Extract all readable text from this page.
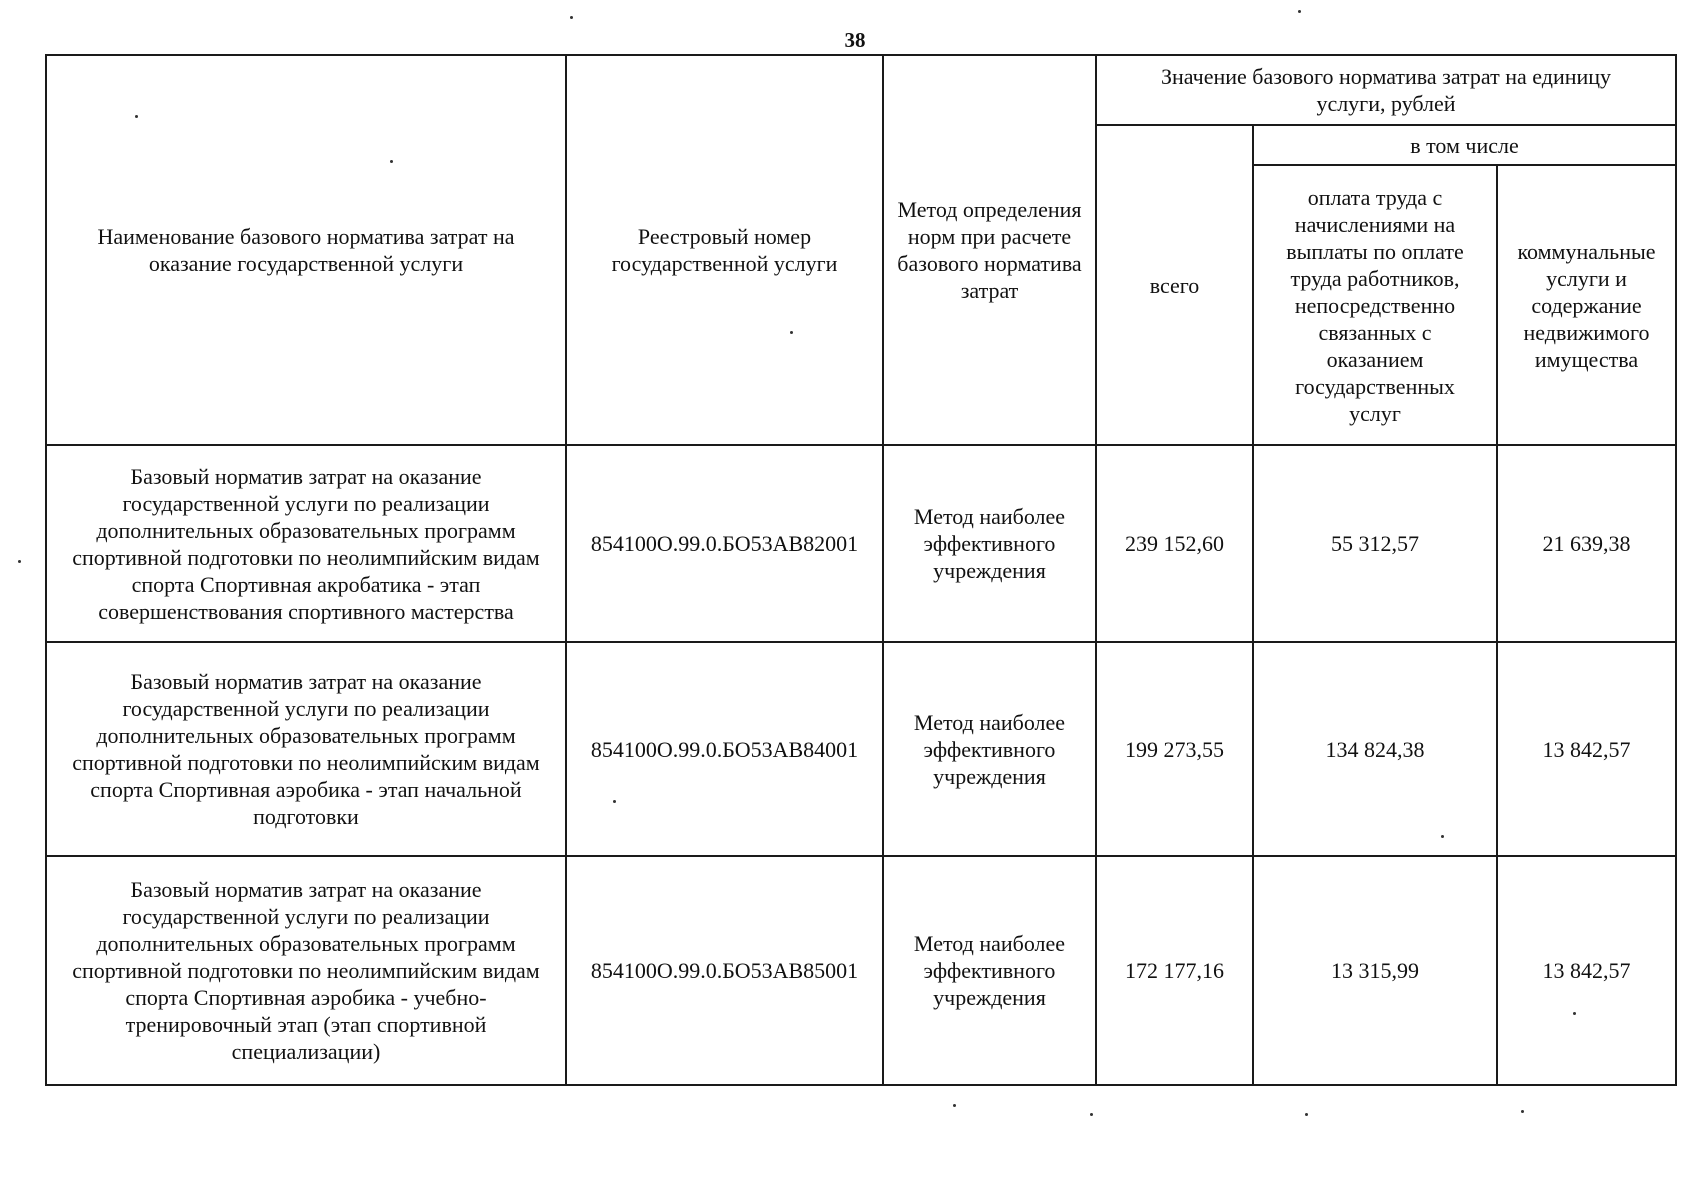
38
Наименование базового норматива затрат на оказание государственной услуги	Реестровый номер государственной услуги	Метод определения норм при расчете базового норматива затрат	Значение базового норматива затрат на единицу услуги, рублей		
			всего	в том числе	
				оплата труда с начислениями на выплаты по оплате труда работников, непосредственно связанных с оказанием государственных услуг	коммунальные услуги и содержание недвижимого имущества
Базовый норматив затрат на оказание государственной услуги по реализации дополнительных образовательных программ спортивной подготовки по неолимпийским видам спорта Спортивная акробатика - этап совершенствования спортивного мастерства	854100О.99.0.БО53АВ82001	Метод наиболее эффективного учреждения	239 152,60	55 312,57	21 639,38
Базовый норматив затрат на оказание государственной услуги по реализации дополнительных образовательных программ спортивной подготовки по неолимпийским видам спорта Спортивная аэробика - этап начальной подготовки	854100О.99.0.БО53АВ84001	Метод наиболее эффективного учреждения	199 273,55	134 824,38	13 842,57
Базовый норматив затрат на оказание государственной услуги по реализации дополнительных образовательных программ спортивной подготовки по неолимпийским видам спорта Спортивная аэробика - учебно-тренировочный этап (этап спортивной специализации)	854100О.99.0.БО53АВ85001	Метод наиболее эффективного учреждения	172 177,16	13 315,99	13 842,57
